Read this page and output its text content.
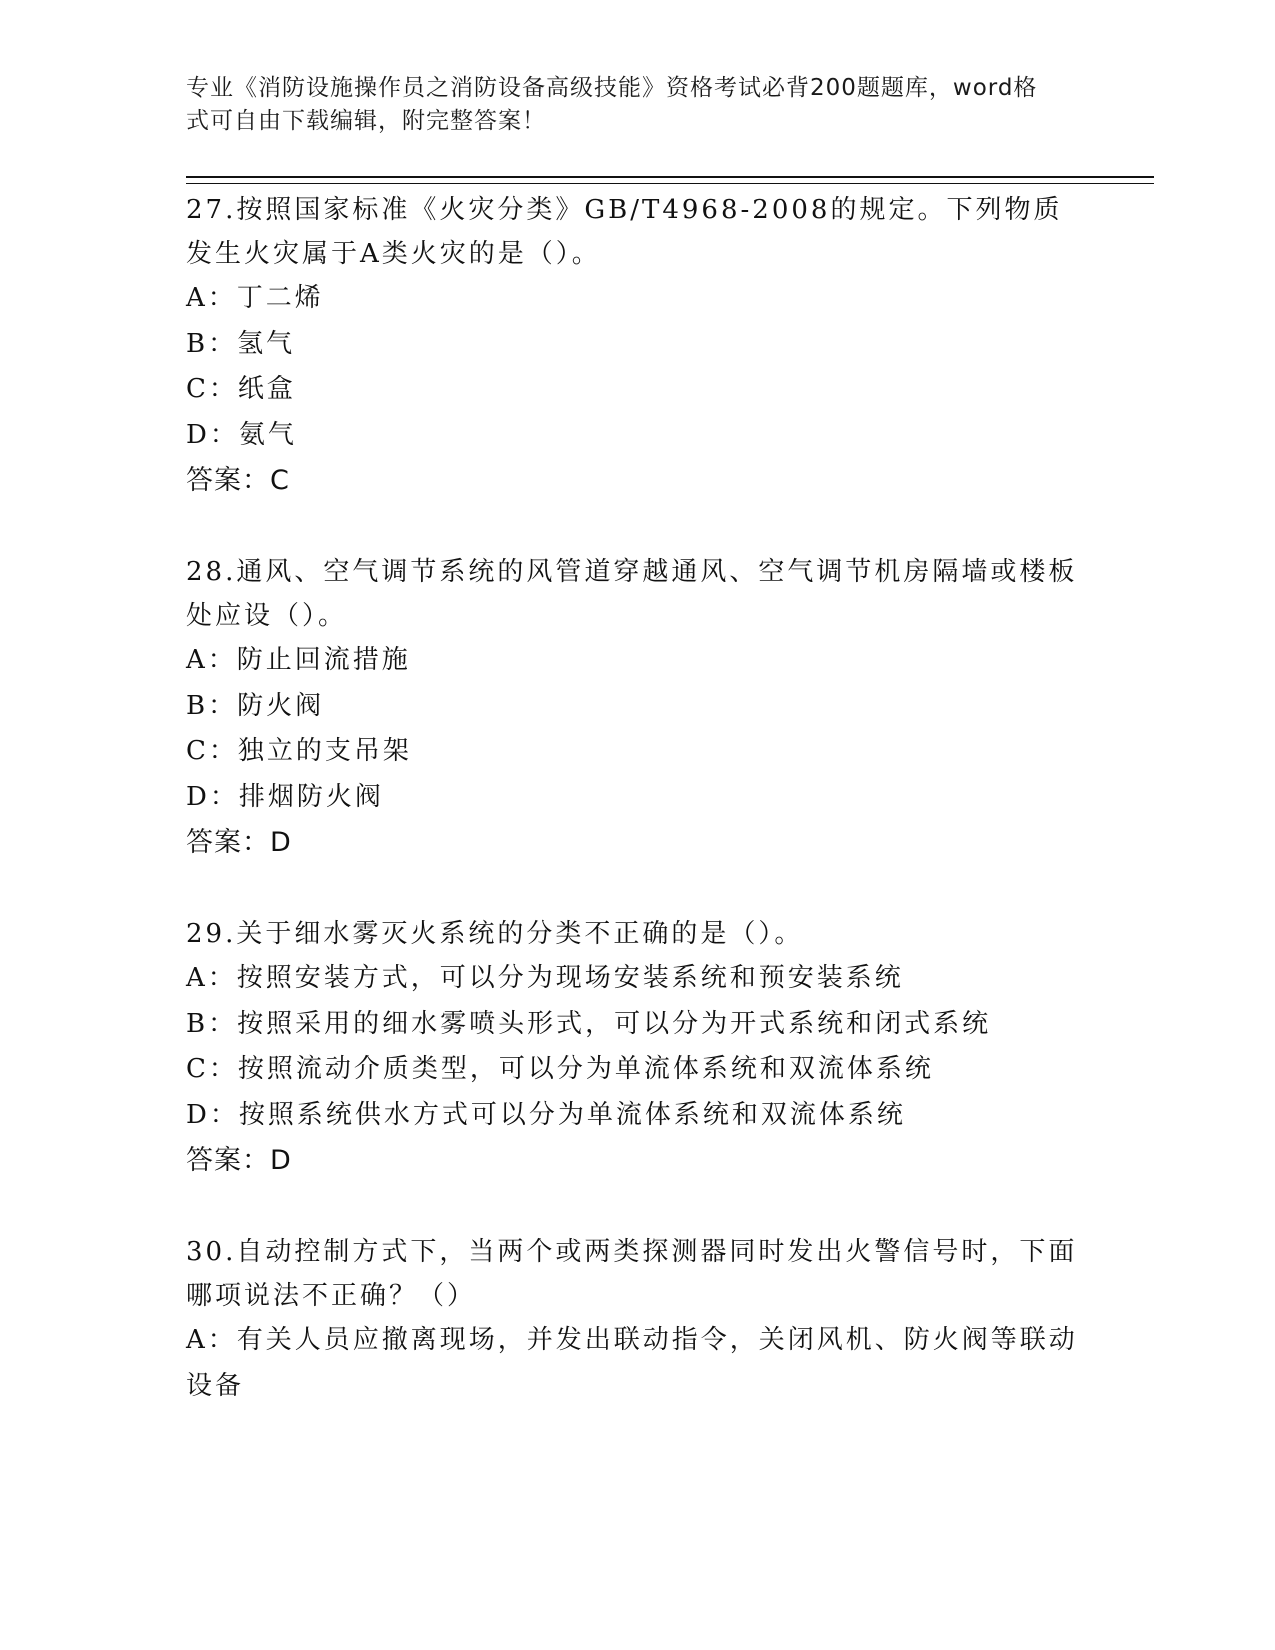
专业《消防设施操作员之消防设备高级技能》资格考试必背200题题库，word格
式可自由下载编辑，附完整答案！

27.按照国家标准《火灾分类》GB/T4968-2008的规定。下列物质发生火灾属于A类火灾的是（）。

A：丁二烯

B：氢气

C：纸盒

D：氨气

答案：C

28.通风、空气调节系统的风管道穿越通风、空气调节机房隔墙或楼板处应设（）。

A：防止回流措施

B：防火阀

C：独立的支吊架

D：排烟防火阀

答案：D

29.关于细水雾灭火系统的分类不正确的是（）。

A：按照安装方式，可以分为现场安装系统和预安装系统

B：按照采用的细水雾喷头形式，可以分为开式系统和闭式系统

C：按照流动介质类型，可以分为单流体系统和双流体系统

D：按照系统供水方式可以分为单流体系统和双流体系统

答案：D

30.自动控制方式下，当两个或两类探测器同时发出火警信号时，下面哪项说法不正确？（）

A：有关人员应撤离现场，并发出联动指令，关闭风机、防火阀等联动设备
